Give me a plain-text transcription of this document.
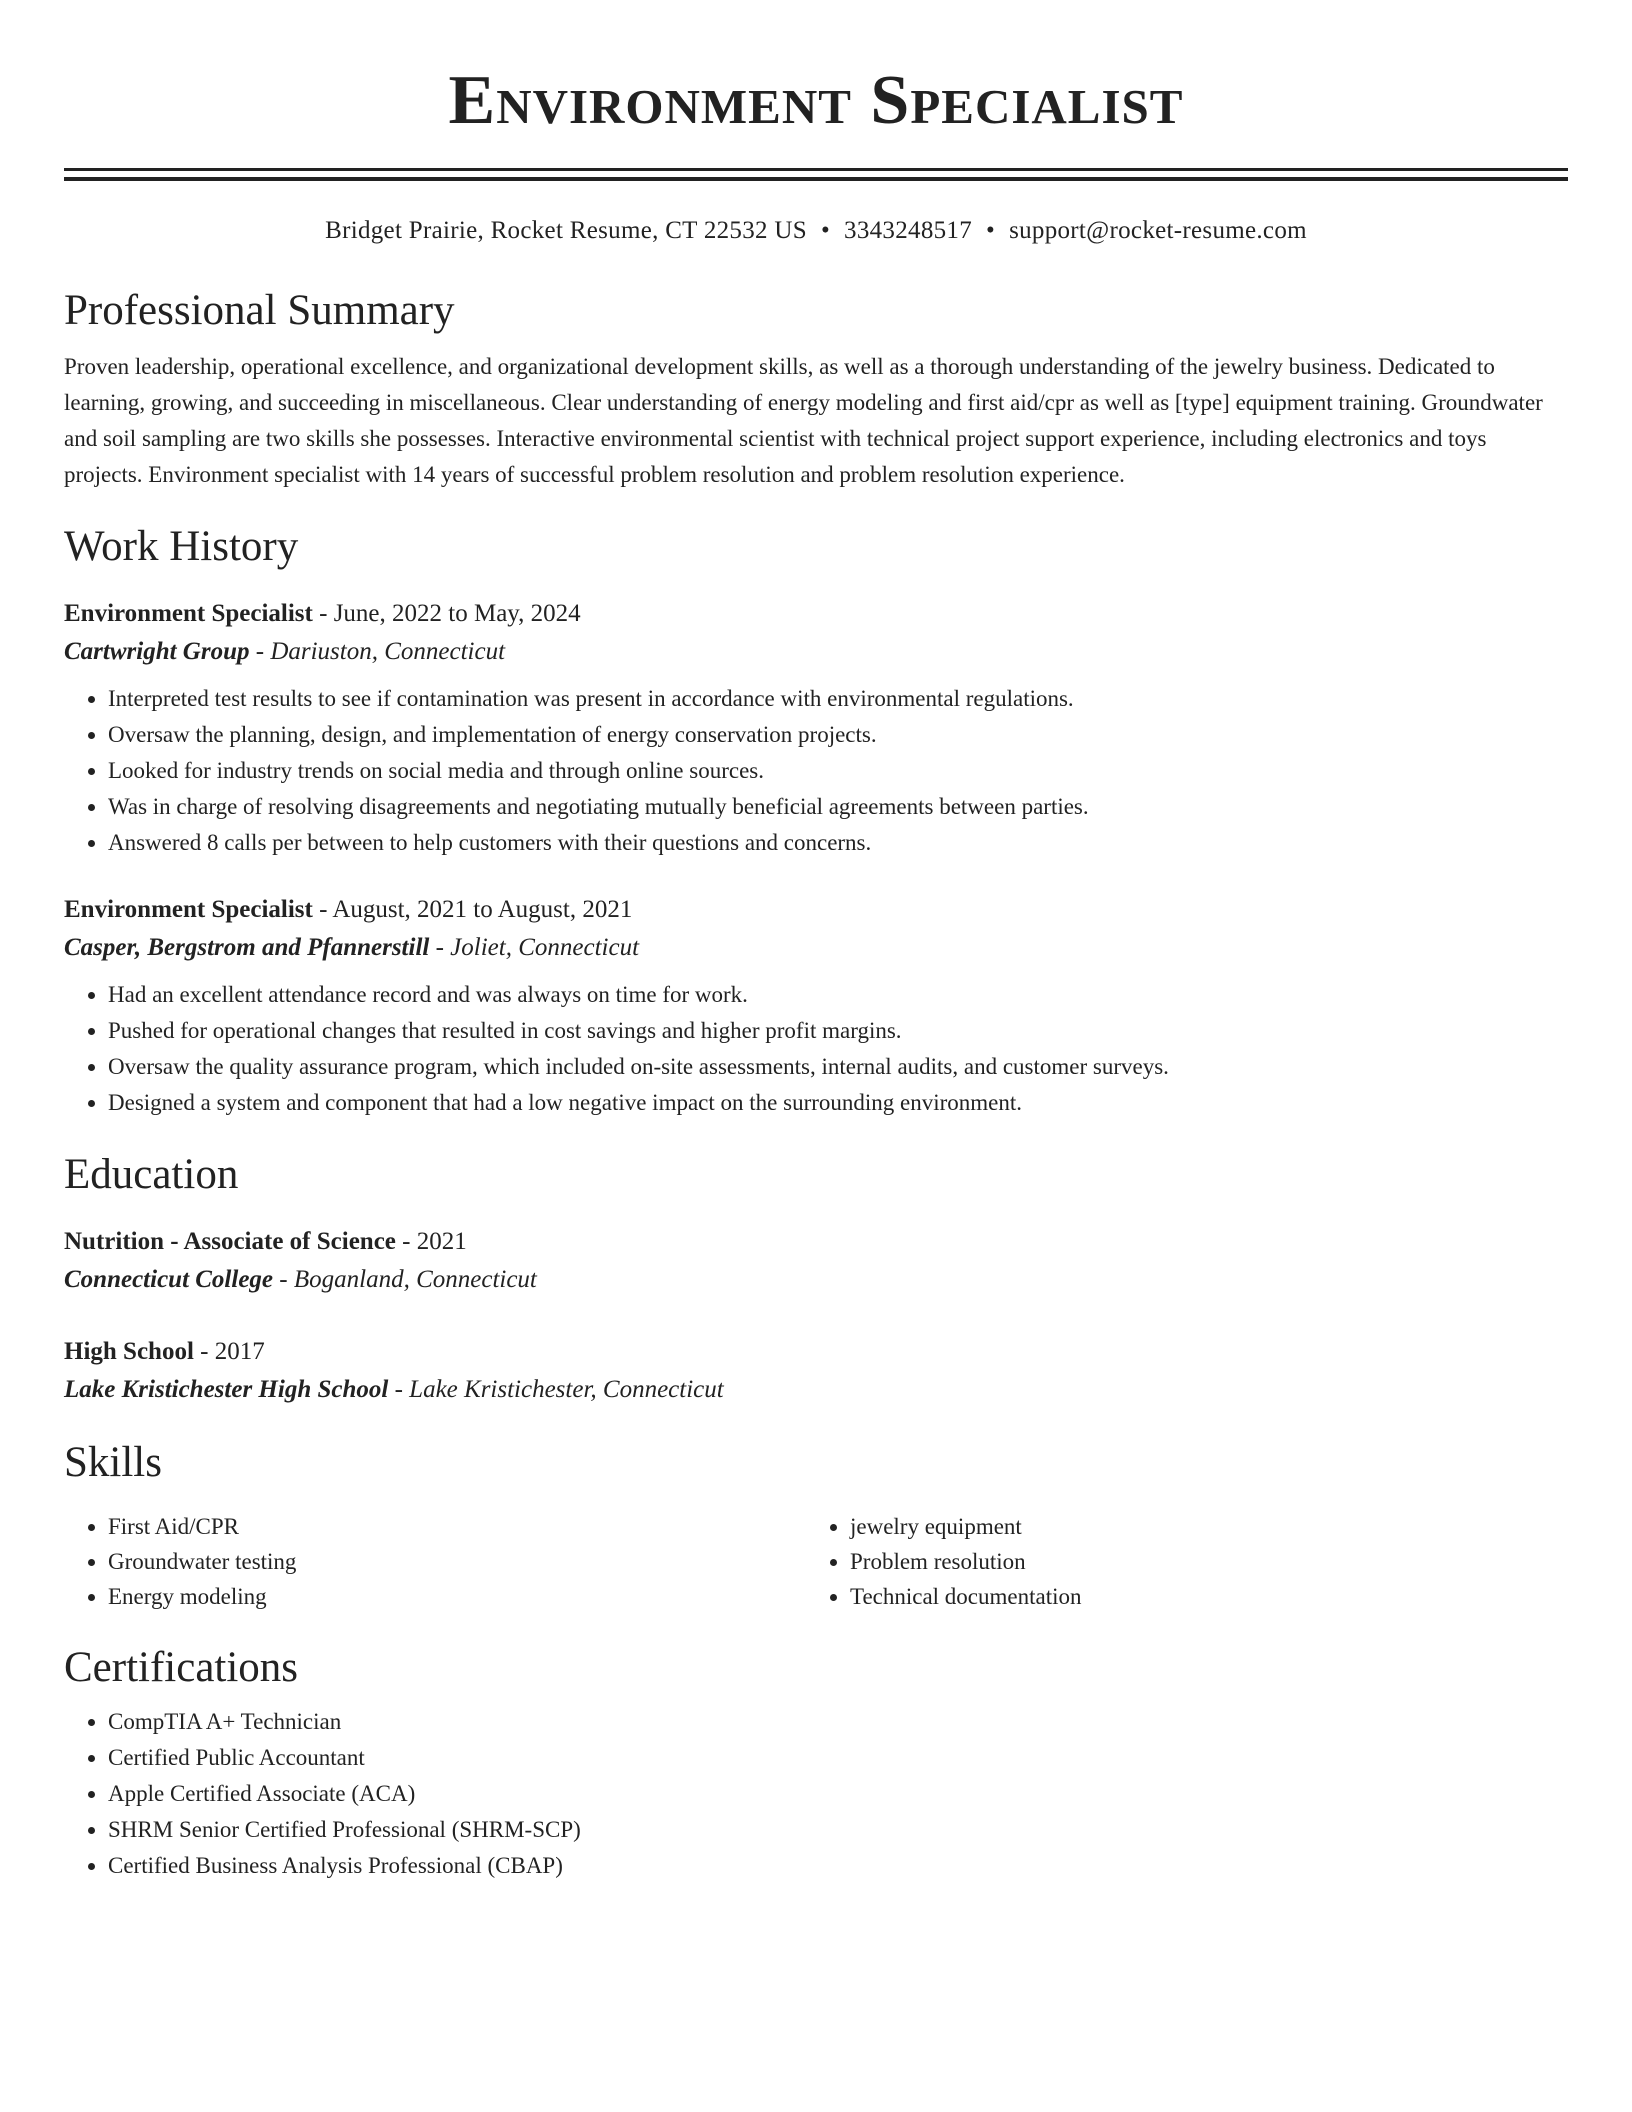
Environment Specialist
Bridget Prairie, Rocket Resume, CT 22532 US • 3343248517 • support@rocket-resume.com
Professional Summary
Proven leadership, operational excellence, and organizational development skills, as well as a thorough understanding of the jewelry business. Dedicated to learning, growing, and succeeding in miscellaneous. Clear understanding of energy modeling and first aid/cpr as well as [type] equipment training. Groundwater and soil sampling are two skills she possesses. Interactive environmental scientist with technical project support experience, including electronics and toys projects. Environment specialist with 14 years of successful problem resolution and problem resolution experience.
Work History
Environment Specialist - June, 2022 to May, 2024
Cartwright Group - Dariuston, Connecticut
• Interpreted test results to see if contamination was present in accordance with environmental regulations.
• Oversaw the planning, design, and implementation of energy conservation projects.
• Looked for industry trends on social media and through online sources.
• Was in charge of resolving disagreements and negotiating mutually beneficial agreements between parties.
• Answered 8 calls per between to help customers with their questions and concerns.
Environment Specialist - August, 2021 to August, 2021
Casper, Bergstrom and Pfannerstill - Joliet, Connecticut
• Had an excellent attendance record and was always on time for work.
• Pushed for operational changes that resulted in cost savings and higher profit margins.
• Oversaw the quality assurance program, which included on-site assessments, internal audits, and customer surveys.
• Designed a system and component that had a low negative impact on the surrounding environment.
Education
Nutrition - Associate of Science - 2021
Connecticut College - Boganland, Connecticut
High School - 2017
Lake Kristichester High School - Lake Kristichester, Connecticut
Skills
• First Aid/CPR
• Groundwater testing
• Energy modeling
• jewelry equipment
• Problem resolution
• Technical documentation
Certifications
• CompTIA A+ Technician
• Certified Public Accountant
• Apple Certified Associate (ACA)
• SHRM Senior Certified Professional (SHRM-SCP)
• Certified Business Analysis Professional (CBAP)
